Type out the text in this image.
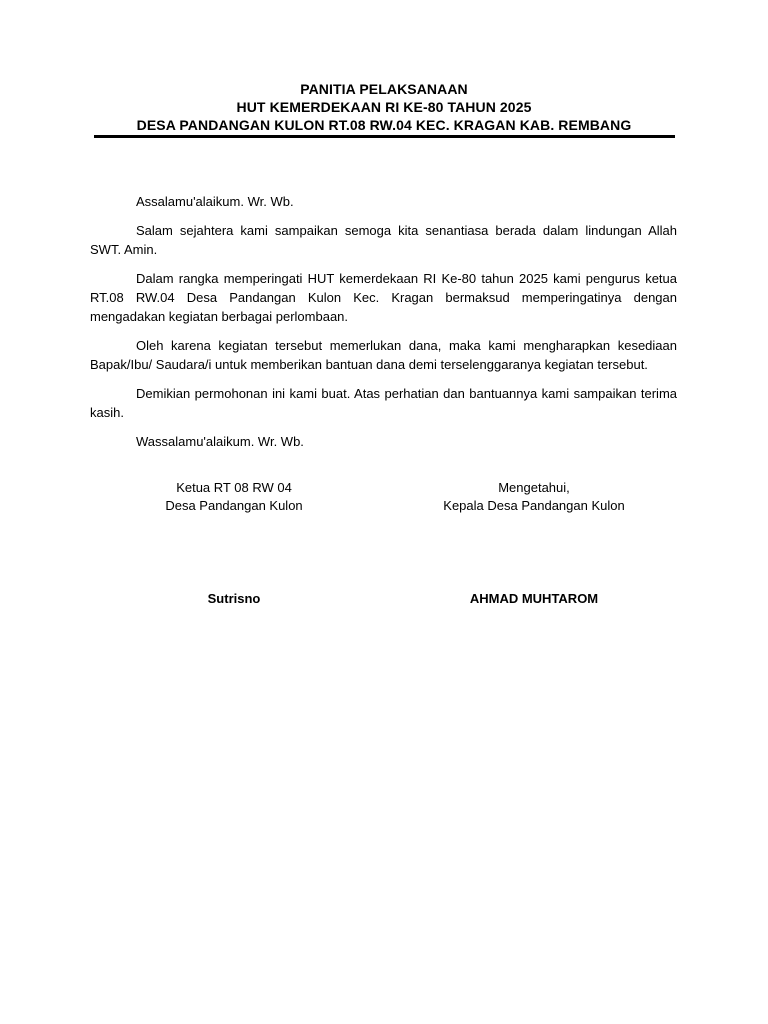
PANITIA PELAKSANAAN
HUT KEMERDEKAAN RI KE-80 TAHUN 2025
DESA PANDANGAN KULON RT.08 RW.04 KEC. KRAGAN KAB. REMBANG

Assalamu'alaikum. Wr. Wb.

Salam sejahtera kami sampaikan semoga kita senantiasa berada dalam lindungan Allah SWT. Amin.

Dalam rangka memperingati HUT kemerdekaan RI Ke-80 tahun 2025 kami pengurus ketua RT.08 RW.04 Desa Pandangan Kulon Kec. Kragan bermaksud memperingatinya dengan mengadakan kegiatan berbagai perlombaan.

Oleh karena kegiatan tersebut memerlukan dana, maka kami mengharapkan kesediaan Bapak/Ibu/ Saudara/i untuk memberikan bantuan dana demi terselenggaranya kegiatan tersebut.

Demikian permohonan ini kami buat. Atas perhatian dan bantuannya kami sampaikan terima kasih.

Wassalamu'alaikum. Wr. Wb.

Ketua RT 08 RW 04
Desa Pandangan Kulon
Mengetahui,
Kepala Desa Pandangan Kulon
Sutrisno	AHMAD MUHTAROM
